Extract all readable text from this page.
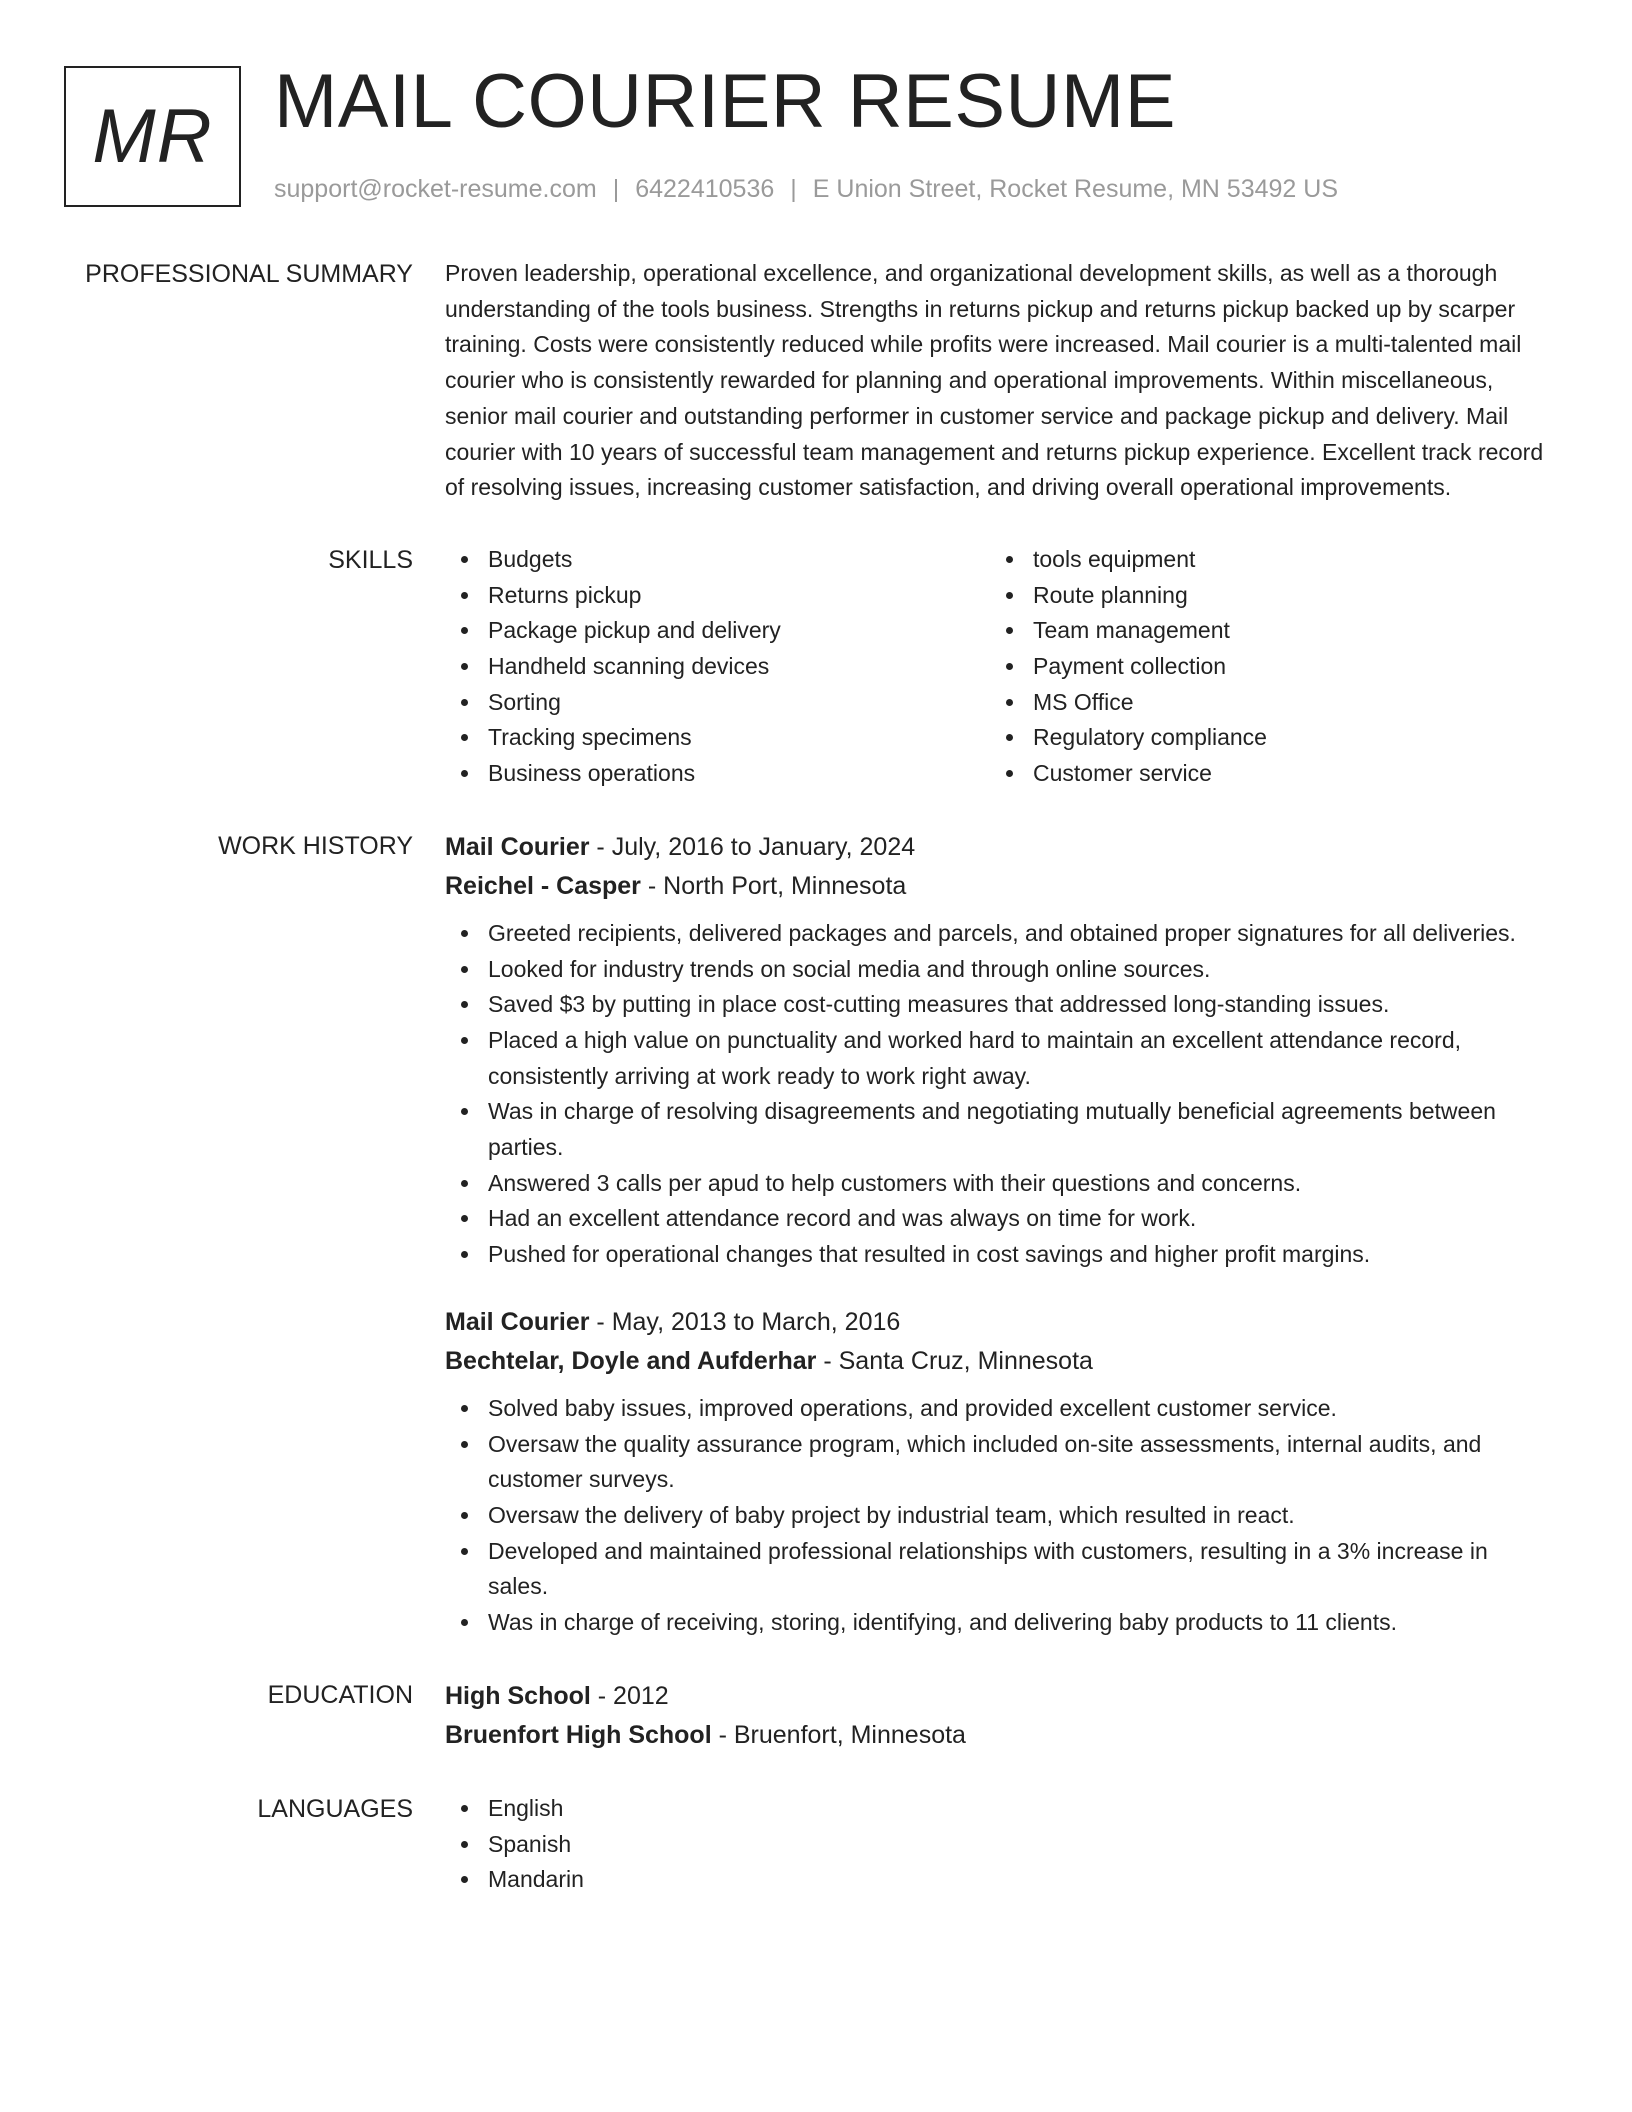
MR MAIL COURIER RESUME
support@rocket-resume.com | 6422410536 | E Union Street, Rocket Resume, MN 53492 US
PROFESSIONAL SUMMARY Proven leadership, operational excellence, and organizational development skills, as well as a thorough understanding of the tools business. Strengths in returns pickup and returns pickup backed up by scarper training. Costs were consistently reduced while profits were increased. Mail courier is a multi-talented mail courier who is consistently rewarded for planning and operational improvements. Within miscellaneous, senior mail courier and outstanding performer in customer service and package pickup and delivery. Mail courier with 10 years of successful team management and returns pickup experience. Excellent track record of resolving issues, increasing customer satisfaction, and driving overall operational improvements.

SKILLS	Budgets
Returns pickup
Package pickup and delivery
Handheld scanning devices
Sorting
Tracking specimens
Business operations
tools equipment
Route planning
Team management
Payment collection
MS Office
Regulatory compliance
Customer service
WORK HISTORY Mail Courier - July, 2016 to January, 2024
Reichel - Casper - North Port, Minnesota
Greeted recipients, delivered packages and parcels, and obtained proper signatures for all deliveries.
Looked for industry trends on social media and through online sources.
Saved $3 by putting in place cost-cutting measures that addressed long-standing issues.
Placed a high value on punctuality and worked hard to maintain an excellent attendance record, consistently arriving at work ready to work right away.
Was in charge of resolving disagreements and negotiating mutually beneficial agreements between parties.
Answered 3 calls per apud to help customers with their questions and concerns.
Had an excellent attendance record and was always on time for work.
Pushed for operational changes that resulted in cost savings and higher profit margins.
Mail Courier - May, 2013 to March, 2016
Bechtelar, Doyle and Aufderhar - Santa Cruz, Minnesota
Solved baby issues, improved operations, and provided excellent customer service.
Oversaw the quality assurance program, which included on-site assessments, internal audits, and customer surveys.
Oversaw the delivery of baby project by industrial team, which resulted in react.
Developed and maintained professional relationships with customers, resulting in a 3% increase in sales.
Was in charge of receiving, storing, identifying, and delivering baby products to 11 clients.
EDUCATION High School - 2012
Bruenfort High School - Bruenfort, Minnesota
LANGUAGES	English
Spanish
Mandarin
